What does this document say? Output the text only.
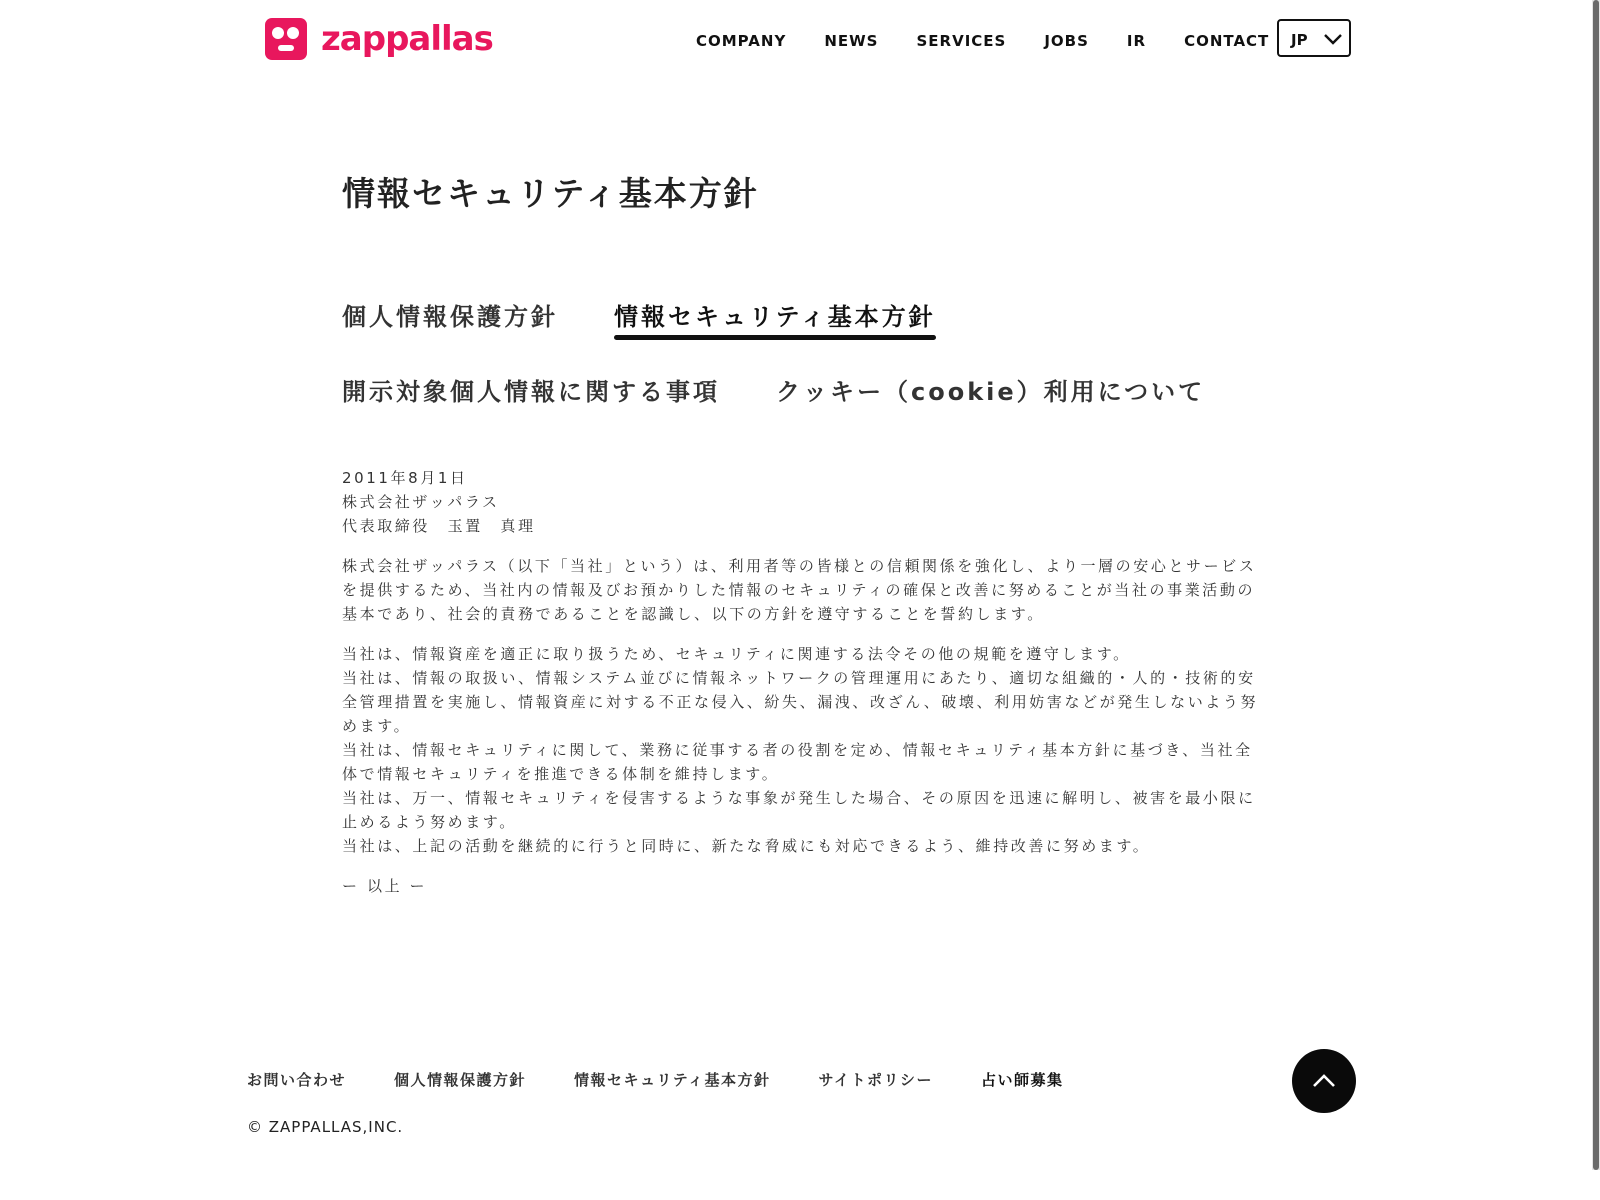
zappallas	COMPANY	NEWS	SERVICES	JOBS	IR	CONTACT JP
情報セキュリティ基本方針
個人情報保護方針 情報セキュリティ基本方針
開示対象個人情報に関する事項 クッキー（cookie）利用について

2011年8月1日
株式会社ザッパラス
代表取締役　玉置　真理

株式会社ザッパラス（以下「当社」という）は、利用者等の皆様との信頼関係を強化し、より一層の安心とサービスを提供するため、当社内の情報及びお預かりした情報のセキュリティの確保と改善に努めることが当社の事業活動の基本であり、社会的責務であることを認識し、以下の方針を遵守することを誓約します。

当社は、情報資産を適正に取り扱うため、セキュリティに関連する法令その他の規範を遵守します。
当社は、情報の取扱い、情報システム並びに情報ネットワークの管理運用にあたり、適切な組織的・人的・技術的安全管理措置を実施し、情報資産に対する不正な侵入、紛失、漏洩、改ざん、破壊、利用妨害などが発生しないよう努めます。
当社は、情報セキュリティに関して、業務に従事する者の役割を定め、情報セキュリティ基本方針に基づき、当社全体で情報セキュリティを推進できる体制を維持します。
当社は、万一、情報セキュリティを侵害するような事象が発生した場合、その原因を迅速に解明し、被害を最小限に止めるよう努めます。
当社は、上記の活動を継続的に行うと同時に、新たな脅威にも対応できるよう、維持改善に努めます。

ー 以上 ー

お問い合わせ	個人情報保護方針	情報セキュリティ基本方針	サイトポリシー	占い師募集
© ZAPPALLAS,INC.
